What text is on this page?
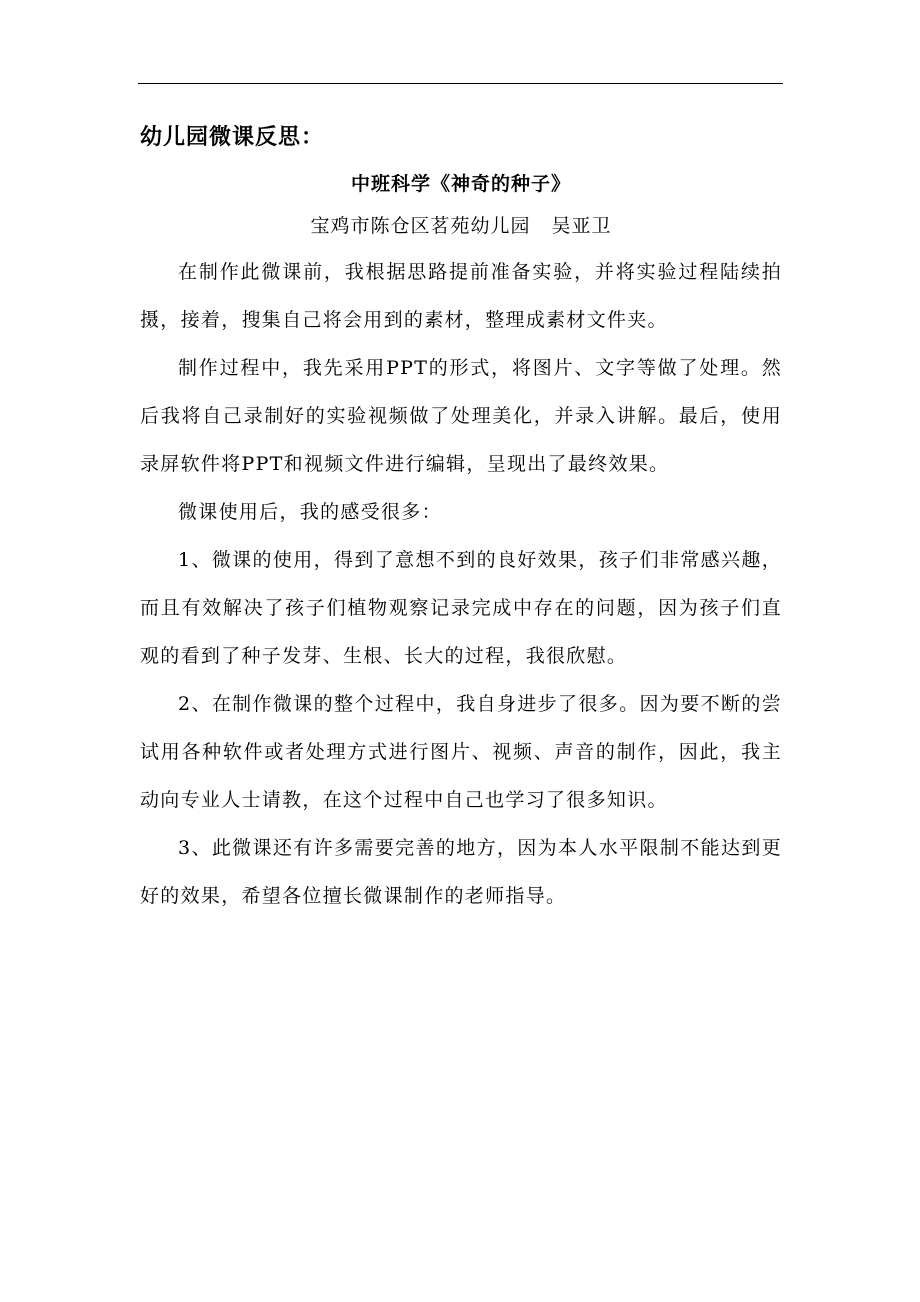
幼儿园微课反思：
中班科学《神奇的种子》
宝鸡市陈仓区茗苑幼儿园   吴亚卫

在制作此微课前，我根据思路提前准备实验，并将实验过程陆续拍摄，接着，搜集自己将会用到的素材，整理成素材文件夹。

制作过程中，我先采用PPT的形式，将图片、文字等做了处理。然后我将自己录制好的实验视频做了处理美化，并录入讲解。最后，使用录屏软件将PPT和视频文件进行编辑，呈现出了最终效果。

微课使用后，我的感受很多：

1、微课的使用，得到了意想不到的良好效果，孩子们非常感兴趣，而且有效解决了孩子们植物观察记录完成中存在的问题，因为孩子们直观的看到了种子发芽、生根、长大的过程，我很欣慰。

2、在制作微课的整个过程中，我自身进步了很多。因为要不断的尝试用各种软件或者处理方式进行图片、视频、声音的制作，因此，我主动向专业人士请教，在这个过程中自己也学习了很多知识。

3、此微课还有许多需要完善的地方，因为本人水平限制不能达到更好的效果，希望各位擅长微课制作的老师指导。
